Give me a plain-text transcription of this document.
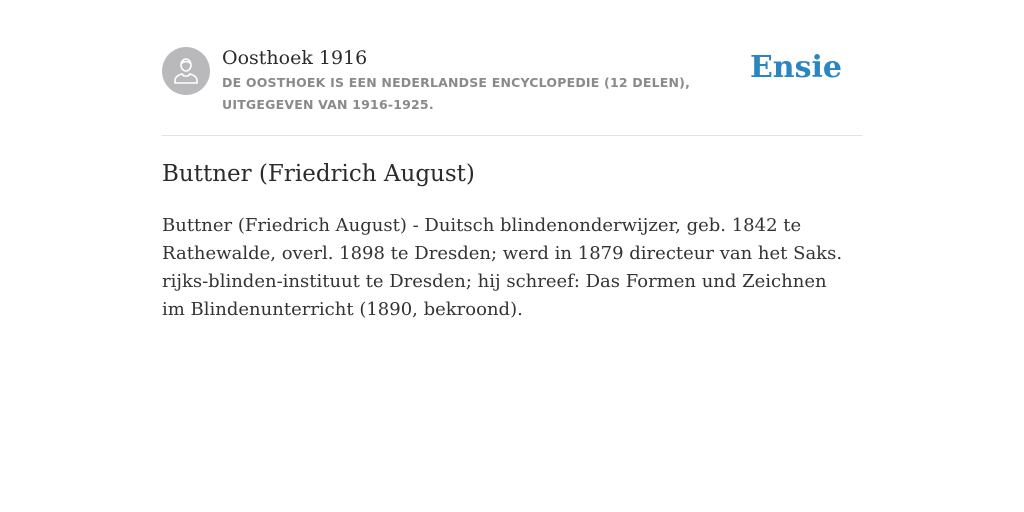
Oosthoek 1916

DE OOSTHOEK IS EEN NEDERLANDSE ENCYCLOPEDIE (12 DELEN), UITGEGEVEN VAN 1916-1925.

Ensie
Buttner (Friedrich August)

Buttner (Friedrich August) - Duitsch blindenonderwijzer, geb. 1842 te Rathewalde, overl. 1898 te Dresden; werd in 1879 directeur van het Saks. rijks-blinden-instituut te Dresden; hij schreef: Das Formen und Zeichnen im Blindenunterricht (1890, bekroond).
